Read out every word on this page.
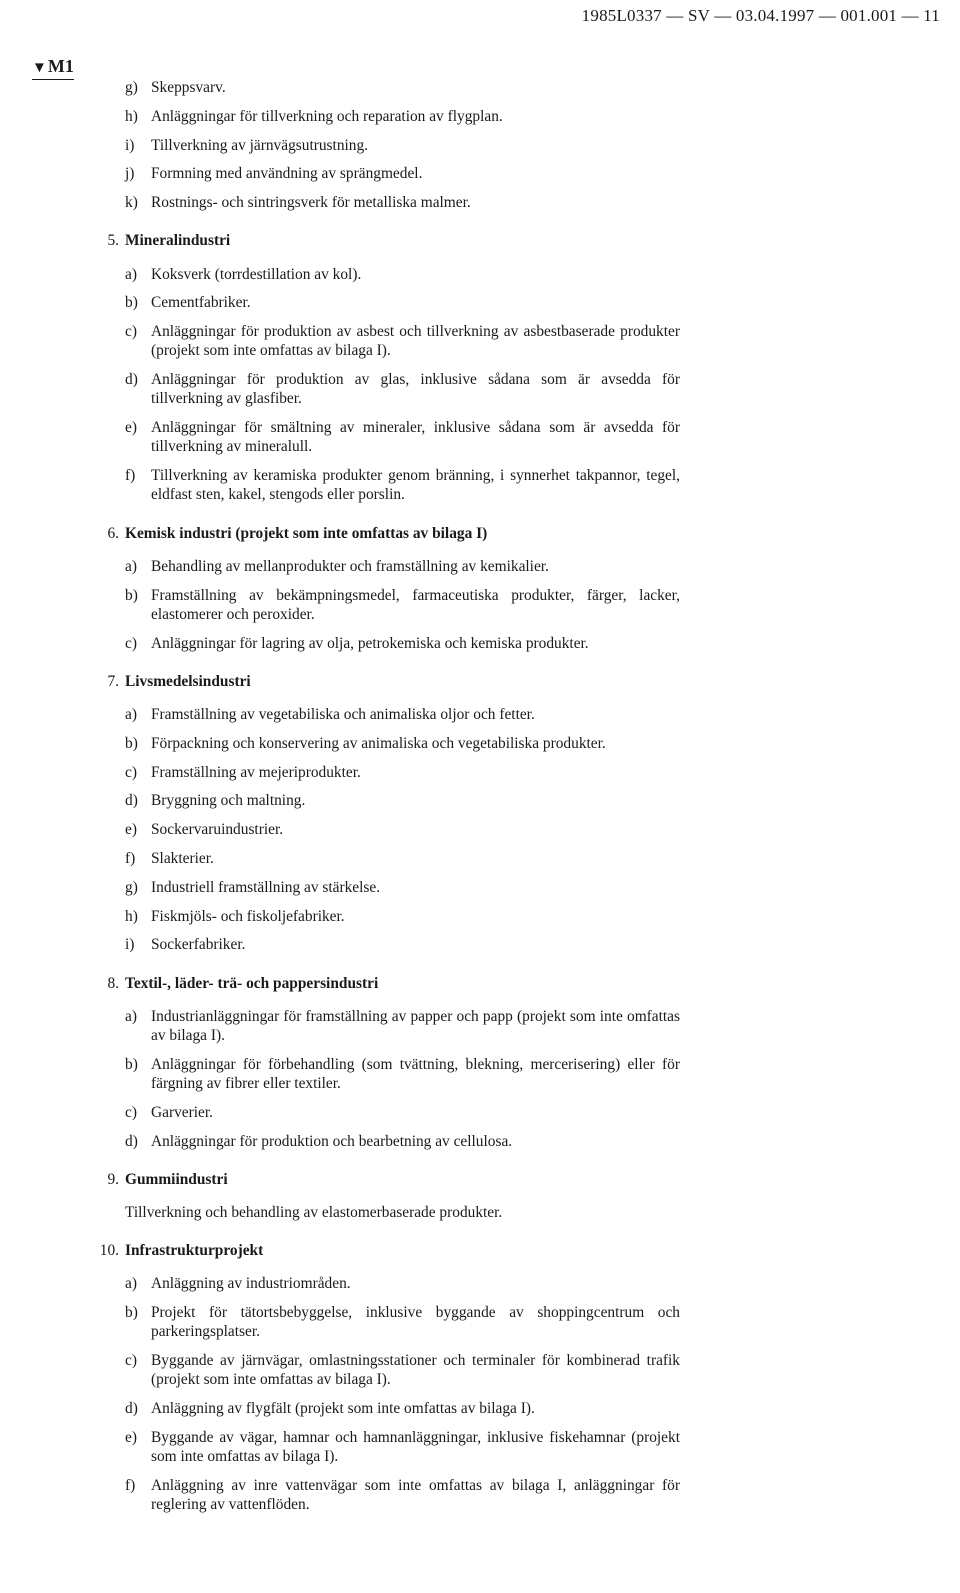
1985L0337 — SV — 03.04.1997 — 001.001 — 11
▼M1
g) Skeppsvarv.
h) Anläggningar för tillverkning och reparation av flygplan.
i) Tillverkning av järnvägsutrustning.
j) Formning med användning av sprängmedel.
k) Rostnings- och sintringsverk för metalliska malmer.
5. Mineralindustri
a) Koksverk (torrdestillation av kol).
b) Cementfabriker.
c) Anläggningar för produktion av asbest och tillverkning av asbestbaserade produkter (projekt som inte omfattas av bilaga I).
d) Anläggningar för produktion av glas, inklusive sådana som är avsedda för tillverkning av glasfiber.
e) Anläggningar för smältning av mineraler, inklusive sådana som är avsedda för tillverkning av mineralull.
f) Tillverkning av keramiska produkter genom bränning, i synnerhet takpannor, tegel, eldfast sten, kakel, stengods eller porslin.
6. Kemisk industri (projekt som inte omfattas av bilaga I)
a) Behandling av mellanprodukter och framställning av kemikalier.
b) Framställning av bekämpningsmedel, farmaceutiska produkter, färger, lacker, elastomerer och peroxider.
c) Anläggningar för lagring av olja, petrokemiska och kemiska produkter.
7. Livsmedelsindustri
a) Framställning av vegetabiliska och animaliska oljor och fetter.
b) Förpackning och konservering av animaliska och vegetabiliska produkter.
c) Framställning av mejeriprodukter.
d) Bryggning och maltning.
e) Sockervaruindustrier.
f) Slakterier.
g) Industriell framställning av stärkelse.
h) Fiskmjöls- och fiskoljefabriker.
i) Sockerfabriker.
8. Textil-, läder- trä- och pappersindustri
a) Industrianläggningar för framställning av papper och papp (projekt som inte omfattas av bilaga I).
b) Anläggningar för förbehandling (som tvättning, blekning, mercerisering) eller för färgning av fibrer eller textiler.
c) Garverier.
d) Anläggningar för produktion och bearbetning av cellulosa.
9. Gummiindustri
Tillverkning och behandling av elastomerbaserade produkter.
10. Infrastrukturprojekt
a) Anläggning av industriområden.
b) Projekt för tätortsbebyggelse, inklusive byggande av shoppingcentrum och parkeringsplatser.
c) Byggande av järnvägar, omlastningsstationer och terminaler för kombinerad trafik (projekt som inte omfattas av bilaga I).
d) Anläggning av flygfält (projekt som inte omfattas av bilaga I).
e) Byggande av vägar, hamnar och hamnanläggningar, inklusive fiskehamnar (projekt som inte omfattas av bilaga I).
f) Anläggning av inre vattenvägar som inte omfattas av bilaga I, anläggningar för reglering av vattenflöden.
